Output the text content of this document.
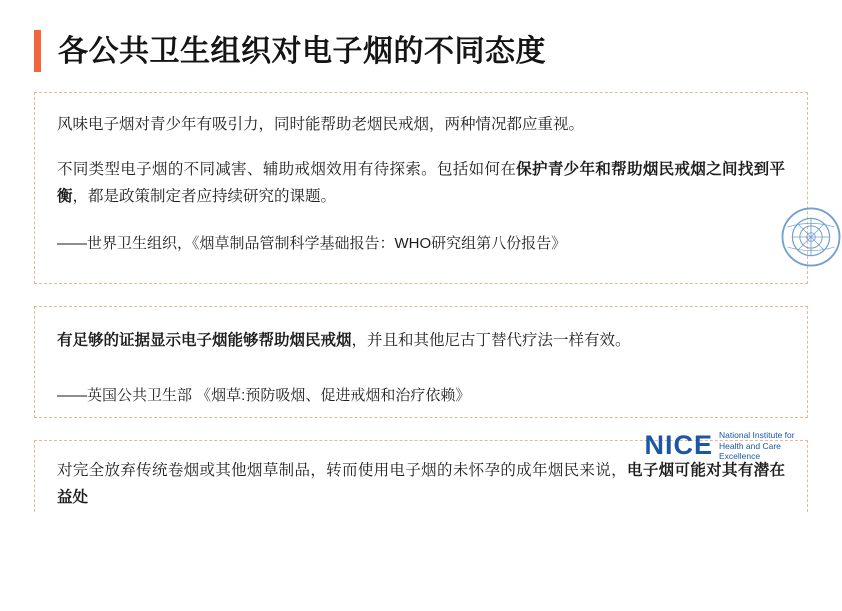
各公共卫生组织对电子烟的不同态度

风味电子烟对青少年有吸引力，同时能帮助老烟民戒烟，两种情况都应重视。

不同类型电子烟的不同减害、辅助戒烟效用有待探索。包括如何在保护青少年和帮助烟民戒烟之间找到平衡，都是政策制定者应持续研究的课题。

——世界卫生组织，《烟草制品管制科学基础报告：WHO研究组第八份报告》

有足够的证据显示电子烟能够帮助烟民戒烟，并且和其他尼古丁替代疗法一样有效。

——英国公共卫生部 《烟草:预防吸烟、促进戒烟和治疗依赖》

对完全放弃传统卷烟或其他烟草制品，转而使用电子烟的未怀孕的成年烟民来说，电子烟可能对其有潜在益处

NICE National Institute for
Health and Care Excellence
